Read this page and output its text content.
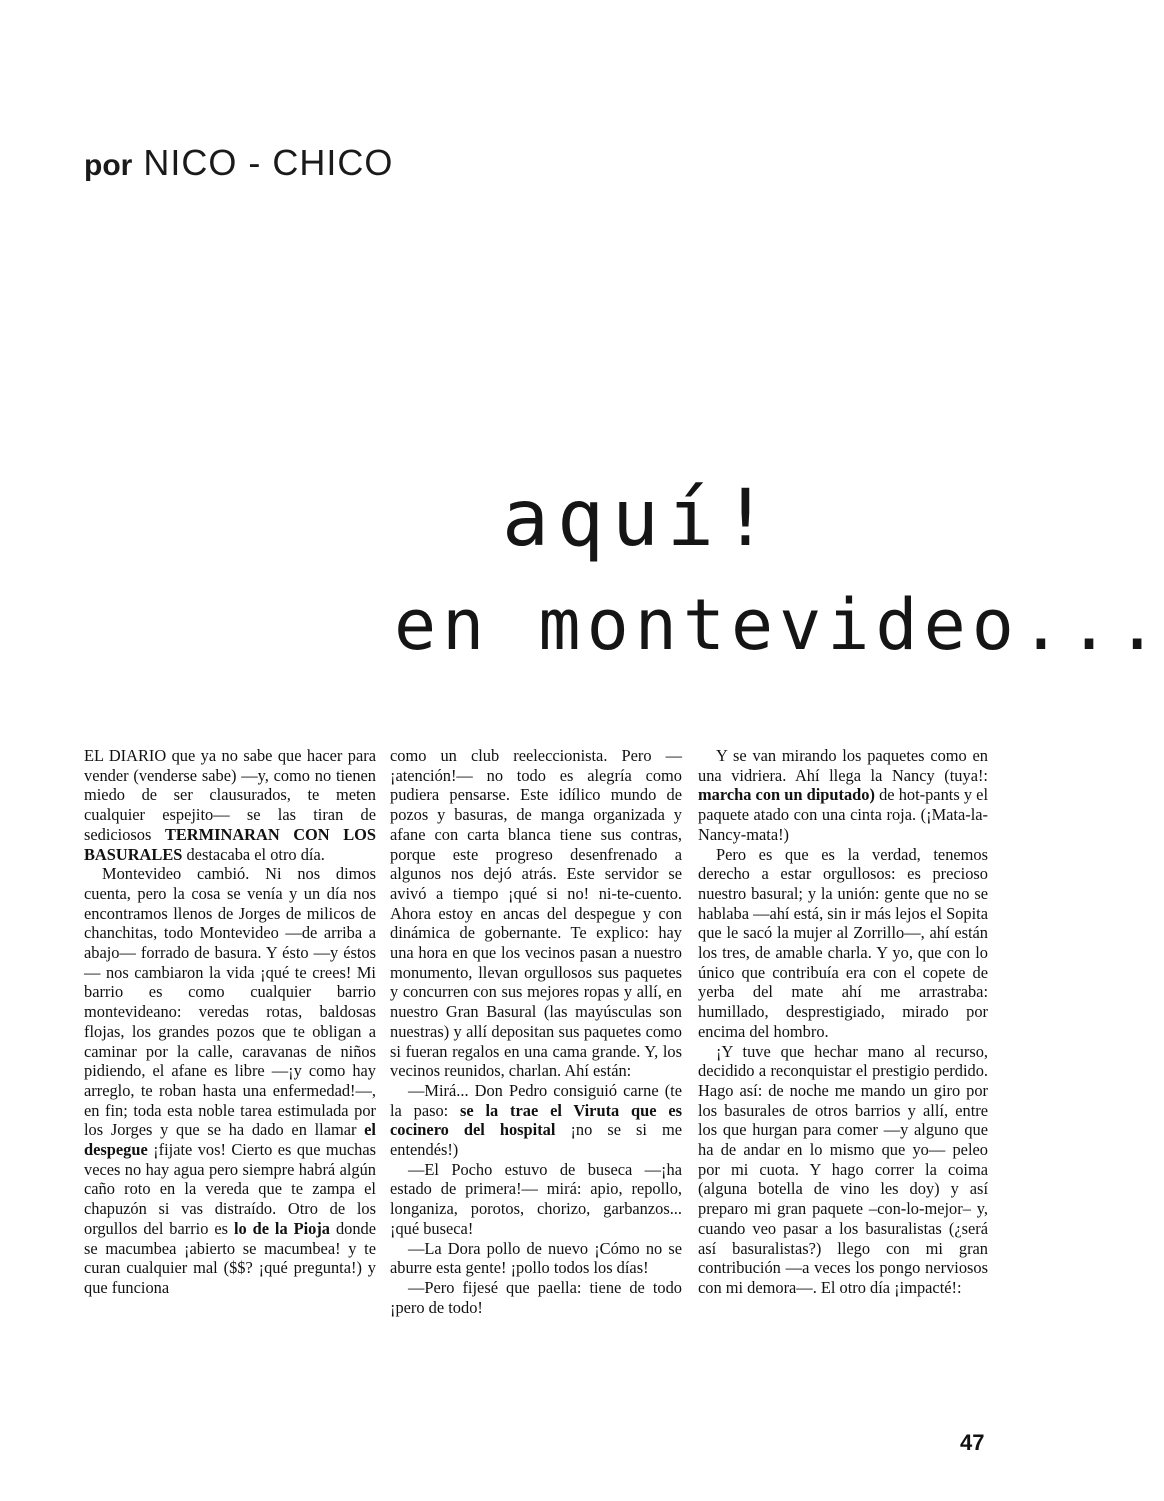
por NICO - CHICO
aquí!
en montevideo...

EL DIARIO que ya no sabe que hacer para vender (venderse sabe) —y, como no tienen miedo de ser clausurados, te meten cualquier espejito— se las tiran de sediciosos TERMINARAN CON LOS BASURALES destacaba el otro día.

Montevideo cambió. Ni nos dimos cuenta, pero la cosa se venía y un día nos encontramos llenos de Jorges de milicos de chanchitas, todo Montevideo —de arriba a abajo— forrado de basura. Y ésto —y éstos— nos cambiaron la vida ¡qué te crees! Mi barrio es como cualquier barrio montevideano: veredas rotas, baldosas flojas, los grandes pozos que te obligan a caminar por la calle, caravanas de niños pidiendo, el afane es libre —¡y como hay arreglo, te roban hasta una enfermedad!—, en fin; toda esta noble tarea estimulada por los Jorges y que se ha dado en llamar el despegue ¡fijate vos! Cierto es que muchas veces no hay agua pero siempre habrá algún caño roto en la vereda que te zampa el chapuzón si vas distraído. Otro de los orgullos del barrio es lo de la Pioja donde se macumbea ¡abierto se macumbea! y te curan cualquier mal ($$? ¡qué pregunta!) y que funciona

como un club reeleccionista. Pero —¡atención!— no todo es alegría como pudiera pensarse. Este idílico mundo de pozos y basuras, de manga organizada y afane con carta blanca tiene sus contras, porque este progreso desenfrenado a algunos nos dejó atrás. Este servidor se avivó a tiempo ¡qué si no! ni-te-cuento. Ahora estoy en ancas del despegue y con dinámica de gobernante. Te explico: hay una hora en que los vecinos pasan a nuestro monumento, llevan orgullosos sus paquetes y concurren con sus mejores ropas y allí, en nuestro Gran Basural (las mayúsculas son nuestras) y allí depositan sus paquetes como si fueran regalos en una cama grande. Y, los vecinos reunidos, charlan. Ahí están:

—Mirá... Don Pedro consiguió carne (te la paso: se la trae el Viruta que es cocinero del hospital ¡no se si me entendés!)

—El Pocho estuvo de buseca —¡ha estado de primera!— mirá: apio, repollo, longaniza, porotos, chorizo, garbanzos... ¡qué buseca!

—La Dora pollo de nuevo ¡Cómo no se aburre esta gente! ¡pollo todos los días!

—Pero fijesé que paella: tiene de todo ¡pero de todo!

Y se van mirando los paquetes como en una vidriera. Ahí llega la Nancy (tuya!: marcha con un diputado) de hot-pants y el paquete atado con una cinta roja. (¡Mata-la-Nancy-mata!)

Pero es que es la verdad, tenemos derecho a estar orgullosos: es precioso nuestro basural; y la unión: gente que no se hablaba —ahí está, sin ir más lejos el Sopita que le sacó la mujer al Zorrillo—, ahí están los tres, de amable charla. Y yo, que con lo único que contribuía era con el copete de yerba del mate ahí me arrastraba: humillado, desprestigiado, mirado por encima del hombro.

¡Y tuve que hechar mano al recurso, decidido a reconquistar el prestigio perdido. Hago así: de noche me mando un giro por los basurales de otros barrios y allí, entre los que hurgan para comer —y alguno que ha de andar en lo mismo que yo— peleo por mi cuota. Y hago correr la coima (alguna botella de vino les doy) y así preparo mi gran paquete –con-lo-mejor– y, cuando veo pasar a los basuralistas (¿será así basuralistas?) llego con mi gran contribución —a veces los pongo nerviosos con mi demora—. El otro día ¡impacté!:

47
